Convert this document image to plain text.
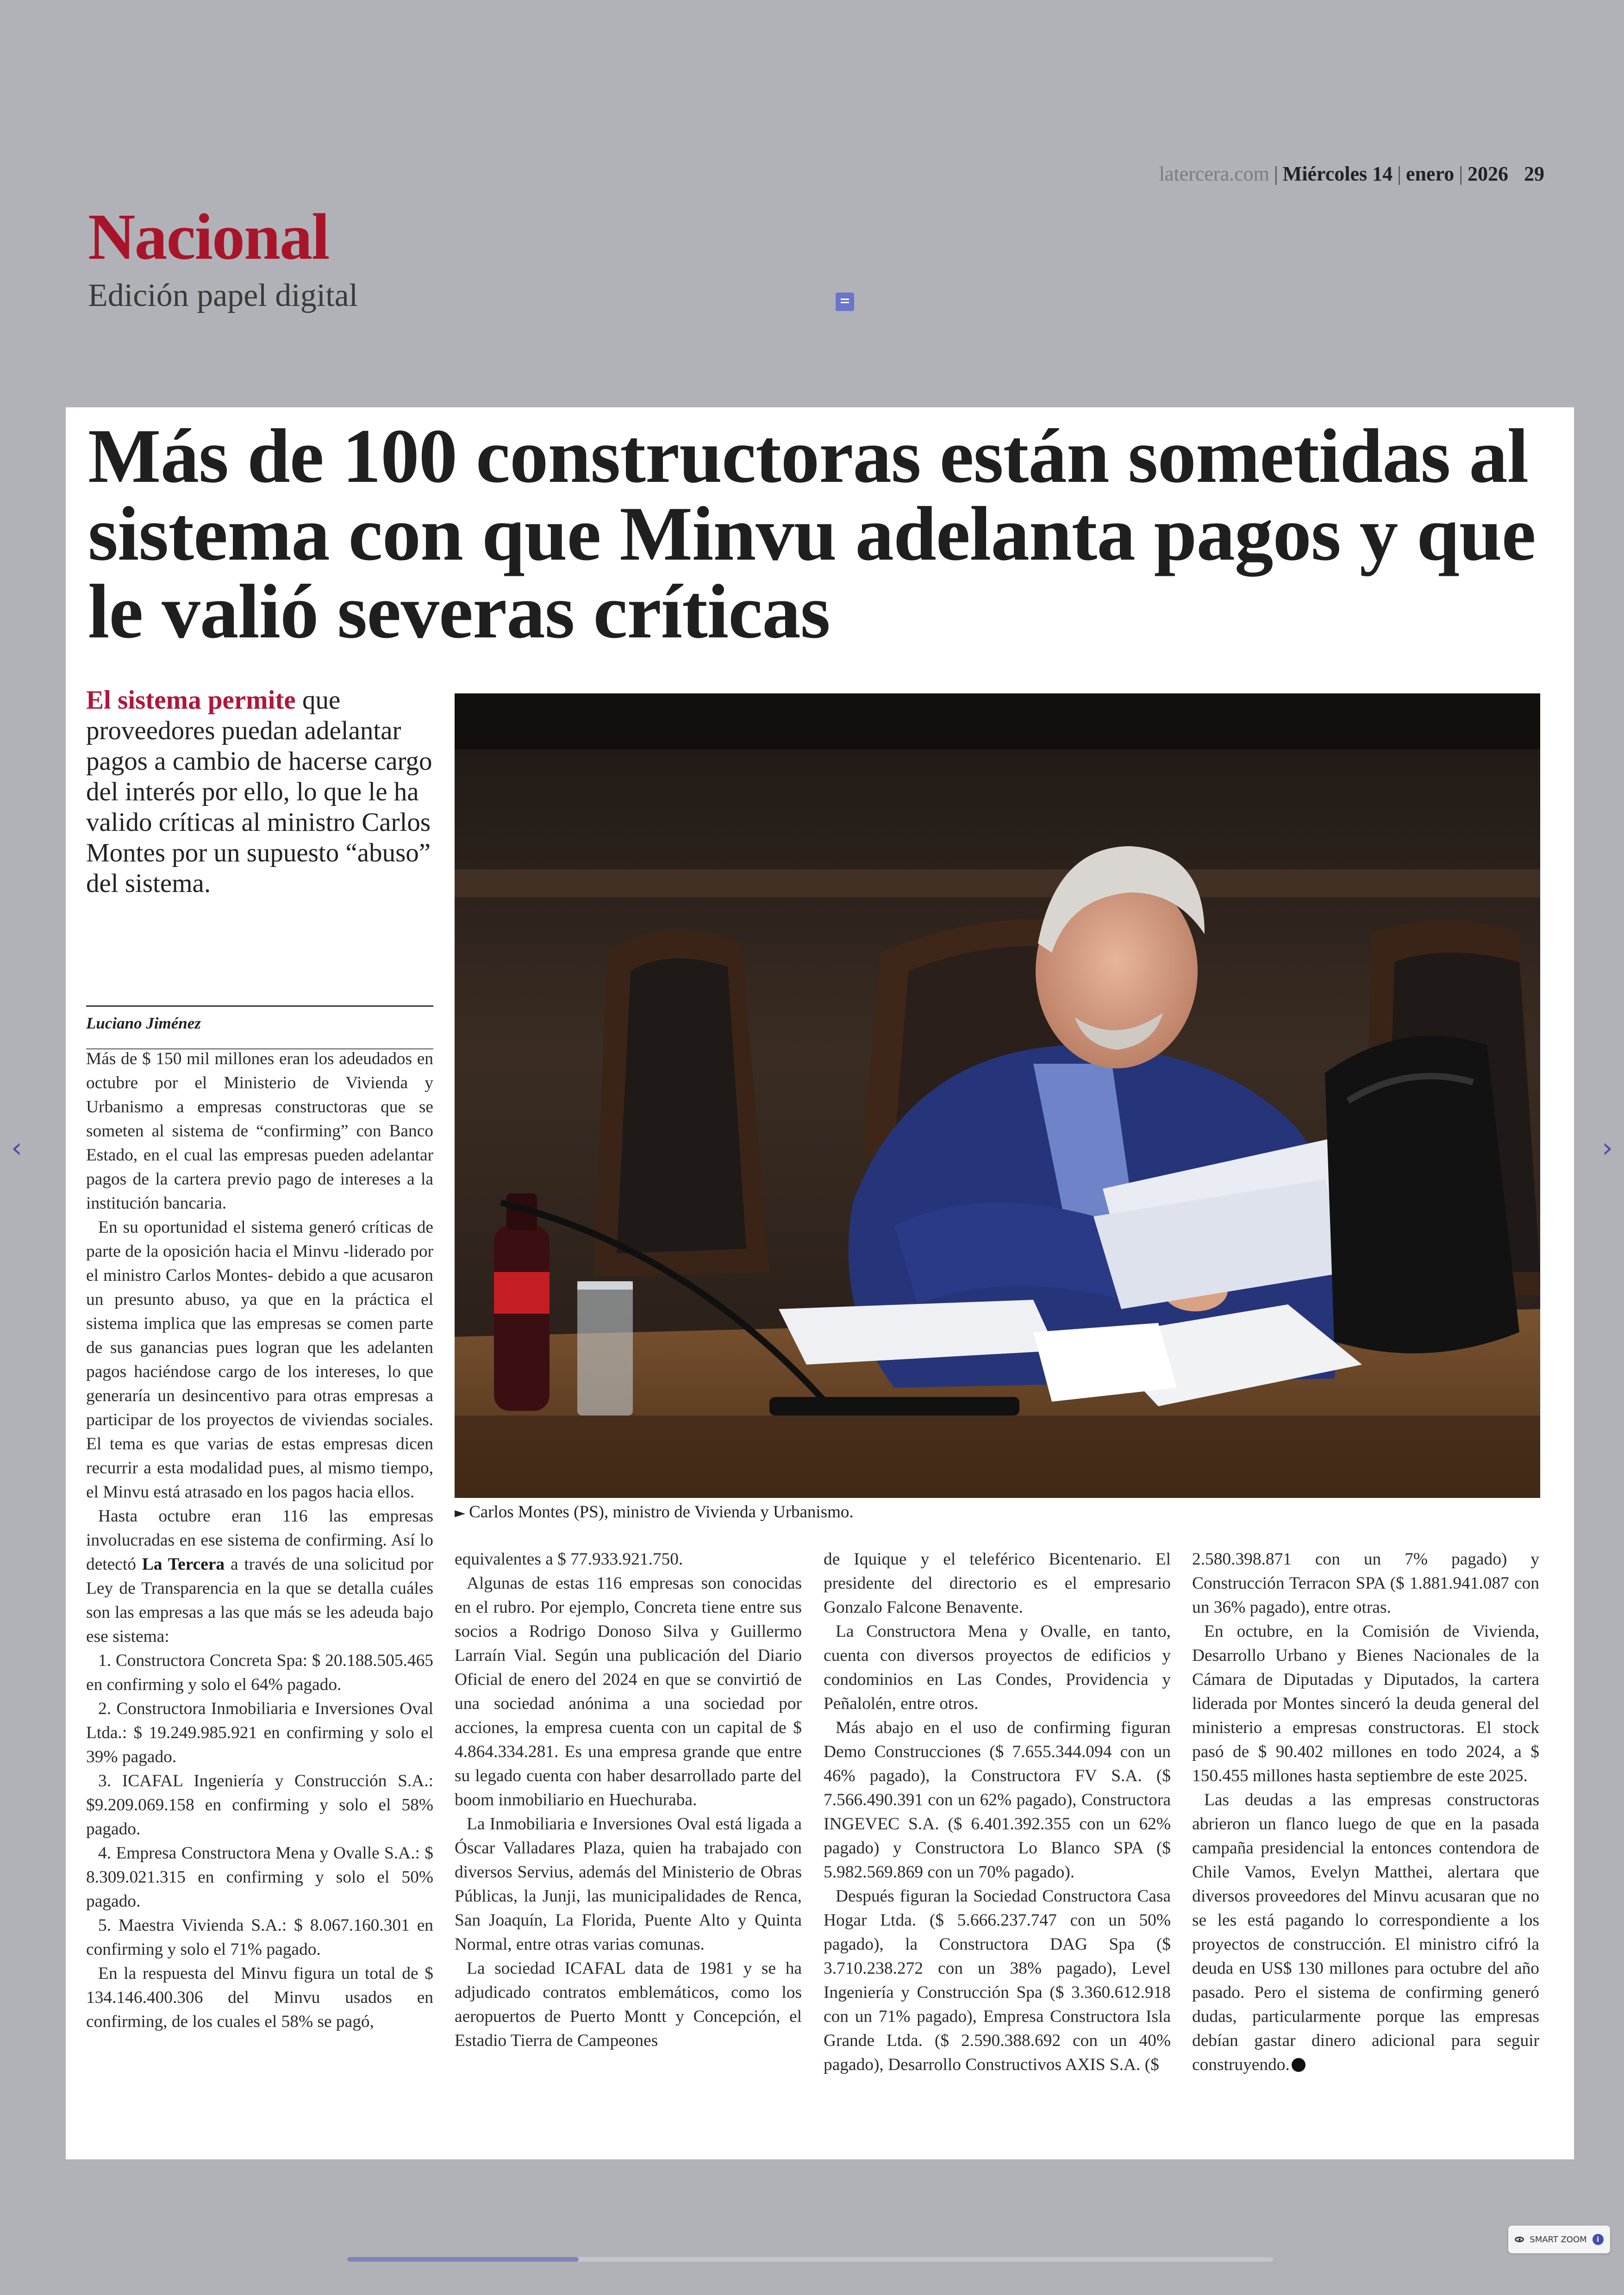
latercera.com | Miércoles 14 | enero | 2026 29
Nacional
Edición papel digital
‹	›
Más de 100 constructoras están sometidas al sistema con que Minvu adelanta pagos y que le valió severas críticas
El sistema permite que proveedores puedan adelantar pagos a cambio de hacerse cargo del interés por ello, lo que le ha valido críticas al ministro Carlos Montes por un supuesto “abuso” del sistema.
Luciano Jiménez
► Carlos Montes (PS), ministro de Vivienda y Urbanismo.

Más de $ 150 mil millones eran los adeudados en octubre por el Ministerio de Vivienda y Urbanismo a empresas constructoras que se someten al sistema de “confirming” con Banco Estado, en el cual las empresas pueden adelantar pagos de la cartera previo pago de intereses a la institución bancaria.

En su oportunidad el sistema generó críticas de parte de la oposición hacia el Minvu -liderado por el ministro Carlos Montes- debido a que acusaron un presunto abuso, ya que en la práctica el sistema implica que las empresas se comen parte de sus ganancias pues logran que les adelanten pagos haciéndose cargo de los intereses, lo que generaría un desincentivo para otras empresas a participar de los proyectos de viviendas sociales. El tema es que varias de estas empresas dicen recurrir a esta modalidad pues, al mismo tiempo, el Minvu está atrasado en los pagos hacia ellos.

Hasta octubre eran 116 las empresas involucradas en ese sistema de confirming. Así lo detectó La Tercera a través de una solicitud por Ley de Transparencia en la que se detalla cuáles son las empresas a las que más se les adeuda bajo ese sistema:

1. Constructora Concreta Spa: $ 20.188.505.465 en confirming y solo el 64% pagado.

2. Constructora Inmobiliaria e Inversiones Oval Ltda.: $ 19.249.985.921 en confirming y solo el 39% pagado.

3. ICAFAL Ingeniería y Construcción S.A.: $9.209.069.158 en confirming y solo el 58% pagado.

4. Empresa Constructora Mena y Ovalle S.A.: $ 8.309.021.315 en confirming y solo el 50% pagado.

5. Maestra Vivienda S.A.: $ 8.067.160.301 en confirming y solo el 71% pagado.

En la respuesta del Minvu figura un total de $ 134.146.400.306 del Minvu usados en confirming, de los cuales el 58% se pagó,

equivalentes a $ 77.933.921.750.

Algunas de estas 116 empresas son conocidas en el rubro. Por ejemplo, Concreta tiene entre sus socios a Rodrigo Donoso Silva y Guillermo Larraín Vial. Según una publicación del Diario Oficial de enero del 2024 en que se convirtió de una sociedad anónima a una sociedad por acciones, la empresa cuenta con un capital de $ 4.864.334.281. Es una empresa grande que entre su legado cuenta con haber desarrollado parte del boom inmobiliario en Huechuraba.

La Inmobiliaria e Inversiones Oval está ligada a Óscar Valladares Plaza, quien ha trabajado con diversos Servius, además del Ministerio de Obras Públicas, la Junji, las municipalidades de Renca, San Joaquín, La Florida, Puente Alto y Quinta Normal, entre otras varias comunas.

La sociedad ICAFAL data de 1981 y se ha adjudicado contratos emblemáticos, como los aeropuertos de Puerto Montt y Concepción, el Estadio Tierra de Campeones

de Iquique y el teleférico Bicentenario. El presidente del directorio es el empresario Gonzalo Falcone Benavente.

La Constructora Mena y Ovalle, en tanto, cuenta con diversos proyectos de edificios y condominios en Las Condes, Providencia y Peñalolén, entre otros.

Más abajo en el uso de confirming figuran Demo Construcciones ($ 7.655.344.094 con un 46% pagado), la Constructora FV S.A. ($ 7.566.490.391 con un 62% pagado), Constructora INGEVEC S.A. ($ 6.401.392.355 con un 62% pagado) y Constructora Lo Blanco SPA ($ 5.982.569.869 con un 70% pagado).

Después figuran la Sociedad Constructora Casa Hogar Ltda. ($ 5.666.237.747 con un 50% pagado), la Constructora DAG Spa ($ 3.710.238.272 con un 38% pagado), Level Ingeniería y Construcción Spa ($ 3.360.612.918 con un 71% pagado), Empresa Constructora Isla Grande Ltda. ($ 2.590.388.692 con un 40% pagado), Desarrollo Constructivos AXIS S.A. ($

2.580.398.871 con un 7% pagado) y Construcción Terracon SPA ($ 1.881.941.087 con un 36% pagado), entre otras.

En octubre, en la Comisión de Vivienda, Desarrollo Urbano y Bienes Nacionales de la Cámara de Diputadas y Diputados, la cartera liderada por Montes sinceró la deuda general del ministerio a empresas constructoras. El stock pasó de $ 90.402 millones en todo 2024, a $ 150.455 millones hasta septiembre de este 2025.

Las deudas a las empresas constructoras abrieron un flanco luego de que en la pasada campaña presidencial la entonces contendora de Chile Vamos, Evelyn Matthei, alertara que diversos proveedores del Minvu acusaran que no se les está pagando lo correspondiente a los proyectos de construcción. El ministro cifró la deuda en US$ 130 millones para octubre del año pasado. Pero el sistema de confirming generó dudas, particularmente porque las empresas debían gastar dinero adicional para seguir construyendo.

SMART ZOOM	i
